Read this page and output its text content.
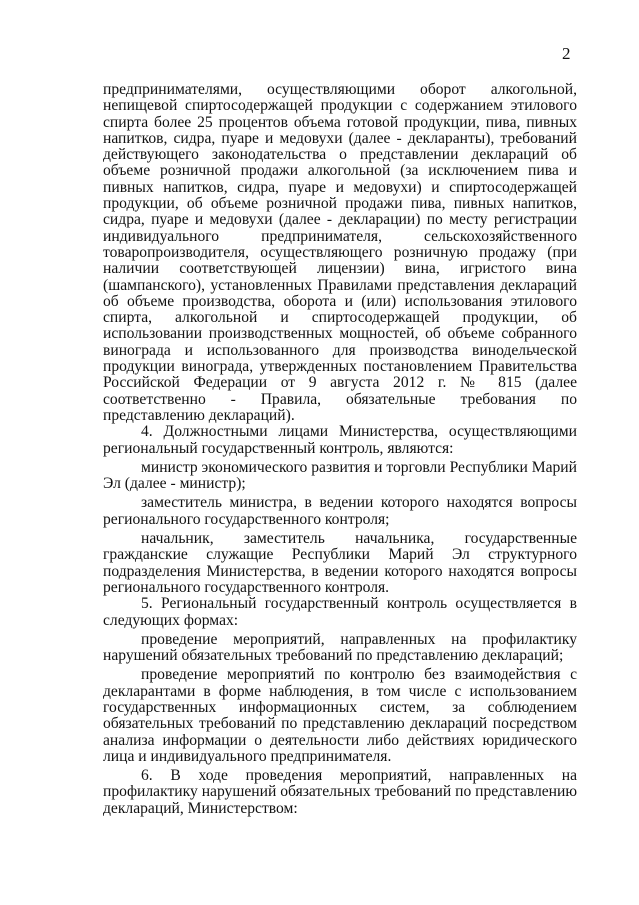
2

предпринимателями, осуществляющими оборот алкогольной, непищевой спиртосодержащей продукции с содержанием этилового спирта более 25 процентов объема готовой продукции, пива, пивных напитков, сидра, пуаре и медовухи (далее - декларанты), требований действующего законодательства о представлении деклараций об объеме розничной продажи алкогольной (за исключением пива и пивных напитков, сидра, пуаре и медовухи) и спиртосодержащей продукции, об объеме розничной продажи пива, пивных напитков, сидра, пуаре и медовухи (далее - декларации) по месту регистрации индивидуального предпринимателя, сельскохозяйственного товаропроизводителя, осуществляющего розничную продажу (при наличии соответствующей лицензии) вина, игристого вина (шампанского), установленных Правилами представления деклараций об объеме производства, оборота и (или) использования этилового спирта, алкогольной и спиртосодержащей продукции, об использовании производственных мощностей, об объеме собранного винограда и использованного для производства винодельческой продукции винограда, утвержденных постановлением Правительства Российской Федерации от 9 августа 2012 г. № 815 (далее соответственно - Правила, обязательные требования по представлению деклараций).

4. Должностными лицами Министерства, осуществляющими региональный государственный контроль, являются:

министр экономического развития и торговли Республики Марий Эл (далее - министр);

заместитель министра, в ведении которого находятся вопросы регионального государственного контроля;

начальник, заместитель начальника, государственные гражданские служащие Республики Марий Эл структурного подразделения Министерства, в ведении которого находятся вопросы регионального государственного контроля.

5. Региональный государственный контроль осуществляется в следующих формах:

проведение мероприятий, направленных на профилактику нарушений обязательных требований по представлению деклараций;

проведение мероприятий по контролю без взаимодействия с декларантами в форме наблюдения, в том числе с использованием государственных информационных систем, за соблюдением обязательных требований по представлению деклараций посредством анализа информации о деятельности либо действиях юридического лица и индивидуального предпринимателя.

6. В ходе проведения мероприятий, направленных на профилактику нарушений обязательных требований по представлению деклараций, Министерством:
